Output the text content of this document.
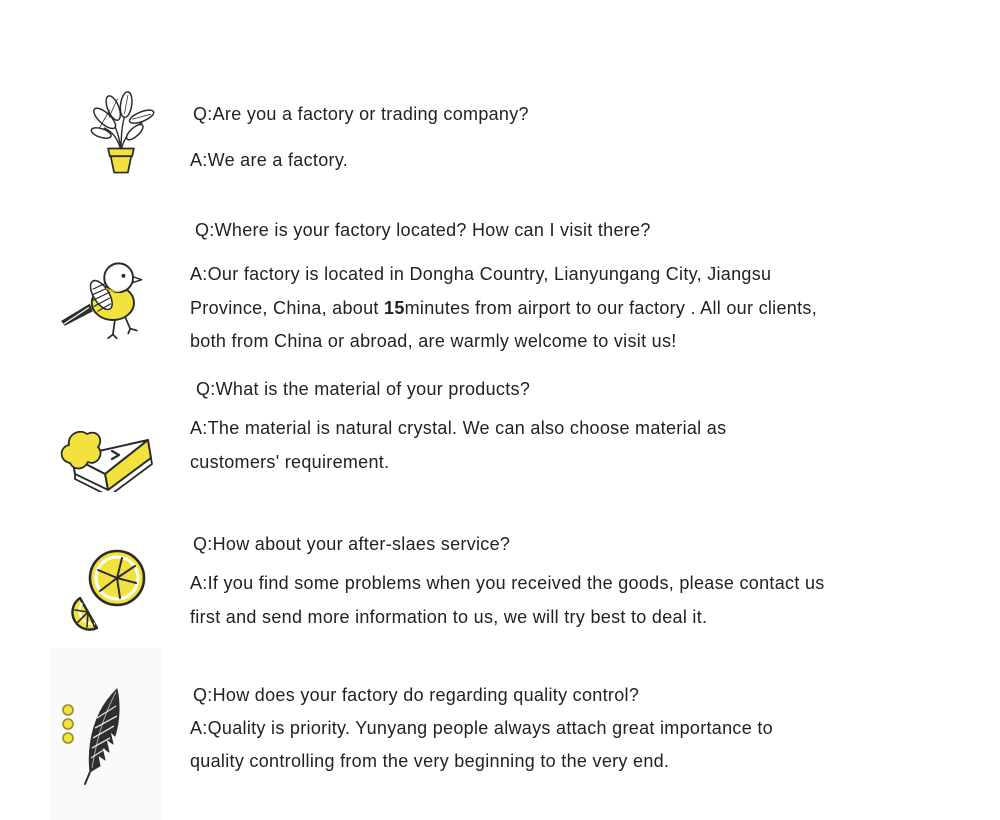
Q:Are you a factory or trading company?
A:We are a factory.
Q:Where is your factory located? How can I visit there?
A:Our factory is located in Dongha Country, Lianyungang City, Jiangsu
Province, China, about 15minutes from airport to our factory . All our clients,
both from China or abroad, are warmly welcome to visit us!
Q:What is the material of your products?
A:The material is natural crystal. We can also choose material as
customers' requirement.
Q:How about your after-slaes service?
A:If you find some problems when you received the goods, please contact us
first and send more information to us, we will try best to deal it.
Q:How does your factory do regarding quality control?
A:Quality is priority. Yunyang people always attach great importance to
quality controlling from the very beginning to the very end.
